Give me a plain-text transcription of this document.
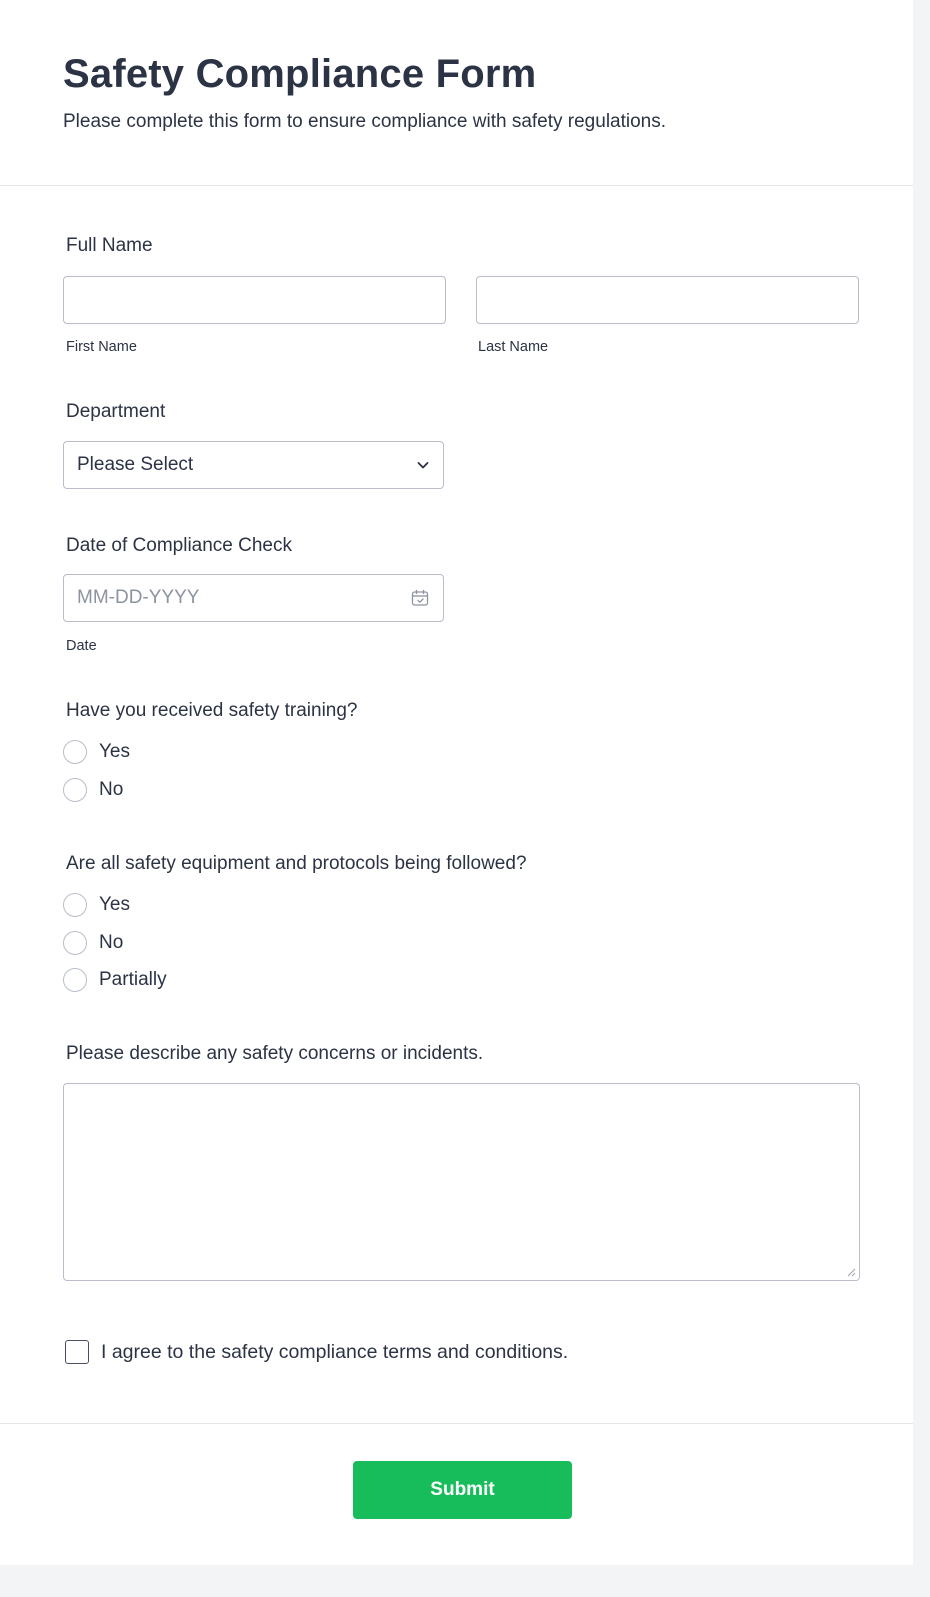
Safety Compliance Form
Please complete this form to ensure compliance with safety regulations.
Full Name
First Name	Last Name
Department
Please Select
Date of Compliance Check
MM-DD-YYYY
Date
Have you received safety training?
Yes
No
Are all safety equipment and protocols being followed?
Yes
No
Partially
Please describe any safety concerns or incidents.
I agree to the safety compliance terms and conditions.
Submit
